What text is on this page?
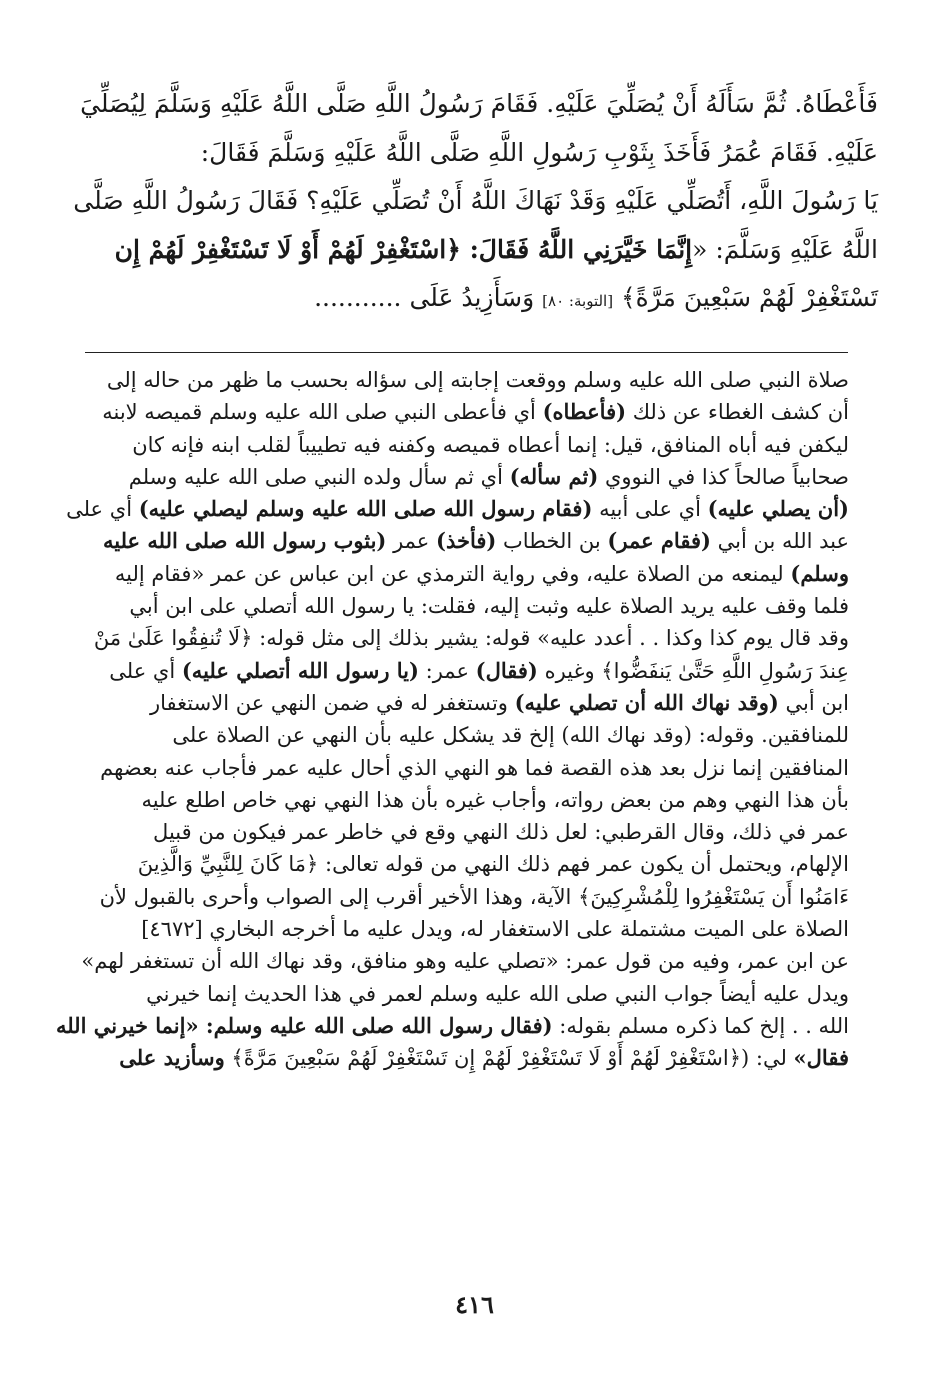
فَأَعْطَاهُ. ثُمَّ سَأَلَهُ أَنْ يُصَلِّيَ عَلَيْهِ. فَقَامَ رَسُولُ اللَّهِ صَلَّى اللَّهُ عَلَيْهِ وَسَلَّمَ لِيُصَلِّيَ
عَلَيْهِ. فَقَامَ عُمَرُ فَأَخَذَ بِثَوْبِ رَسُولِ اللَّهِ صَلَّى اللَّهُ عَلَيْهِ وَسَلَّمَ فَقَالَ:
يَا رَسُولَ اللَّهِ، أَتُصَلِّي عَلَيْهِ وَقَدْ نَهَاكَ اللَّهُ أَنْ تُصَلِّي عَلَيْهِ؟ فَقَالَ رَسُولُ اللَّهِ صَلَّى
اللَّهُ عَلَيْهِ وَسَلَّمَ: «إِنَّمَا خَيَّرَنِي اللَّهُ فَقَالَ: ﴿اسْتَغْفِرْ لَهُمْ أَوْ لَا تَسْتَغْفِرْ لَهُمْ إِن
تَسْتَغْفِرْ لَهُمْ سَبْعِينَ مَرَّةً﴾ [التوبة: ٨٠] وَسَأَزِيدُ عَلَى ...........
صلاة النبي صلى الله عليه وسلم ووقعت إجابته إلى سؤاله بحسب ما ظهر من حاله إلى
أن كشف الغطاء عن ذلك (فأعطاه) أي فأعطى النبي صلى الله عليه وسلم قميصه لابنه
ليكفن فيه أباه المنافق، قيل: إنما أعطاه قميصه وكفنه فيه تطييباً لقلب ابنه فإنه كان
صحابياً صالحاً كذا في النووي (ثم سأله) أي ثم سأل ولده النبي صلى الله عليه وسلم
(أن يصلي عليه) أي على أبيه (فقام رسول الله صلى الله عليه وسلم ليصلي عليه) أي على
عبد الله بن أبي (فقام عمر) بن الخطاب (فأخذ) عمر (بثوب رسول الله صلى الله عليه
وسلم) ليمنعه من الصلاة عليه، وفي رواية الترمذي عن ابن عباس عن عمر «فقام إليه
فلما وقف عليه يريد الصلاة عليه وثبت إليه، فقلت: يا رسول الله أتصلي على ابن أبي
وقد قال يوم كذا وكذا . . أعدد عليه» قوله: يشير بذلك إلى مثل قوله: ﴿لَا تُنفِقُوا عَلَىٰ مَنْ
عِندَ رَسُولِ اللَّهِ حَتَّىٰ يَنفَضُّوا﴾ وغيره (فقال) عمر: (يا رسول الله أتصلي عليه) أي على
ابن أبي (وقد نهاك الله أن تصلي عليه) وتستغفر له في ضمن النهي عن الاستغفار
للمنافقين. وقوله: (وقد نهاك الله) إلخ قد يشكل عليه بأن النهي عن الصلاة على
المنافقين إنما نزل بعد هذه القصة فما هو النهي الذي أحال عليه عمر فأجاب عنه بعضهم
بأن هذا النهي وهم من بعض رواته، وأجاب غيره بأن هذا النهي نهي خاص اطلع عليه
عمر في ذلك، وقال القرطبي: لعل ذلك النهي وقع في خاطر عمر فيكون من قبيل
الإلهام، ويحتمل أن يكون عمر فهم ذلك النهي من قوله تعالى: ﴿مَا كَانَ لِلنَّبِيِّ وَالَّذِينَ
ءَامَنُوا أَن يَسْتَغْفِرُوا لِلْمُشْرِكِينَ﴾ الآية، وهذا الأخير أقرب إلى الصواب وأحرى بالقبول لأن
الصلاة على الميت مشتملة على الاستغفار له، ويدل عليه ما أخرجه البخاري [٤٦٧٢]
عن ابن عمر، وفيه من قول عمر: «تصلي عليه وهو منافق، وقد نهاك الله أن تستغفر لهم»
ويدل عليه أيضاً جواب النبي صلى الله عليه وسلم لعمر في هذا الحديث إنما خيرني
الله . . إلخ كما ذكره مسلم بقوله: (فقال رسول الله صلى الله عليه وسلم: «إنما خيرني الله
فقال» لي: (﴿اسْتَغْفِرْ لَهُمْ أَوْ لَا تَسْتَغْفِرْ لَهُمْ إِن تَسْتَغْفِرْ لَهُمْ سَبْعِينَ مَرَّةً﴾ وسأزيد على
٤١٦
